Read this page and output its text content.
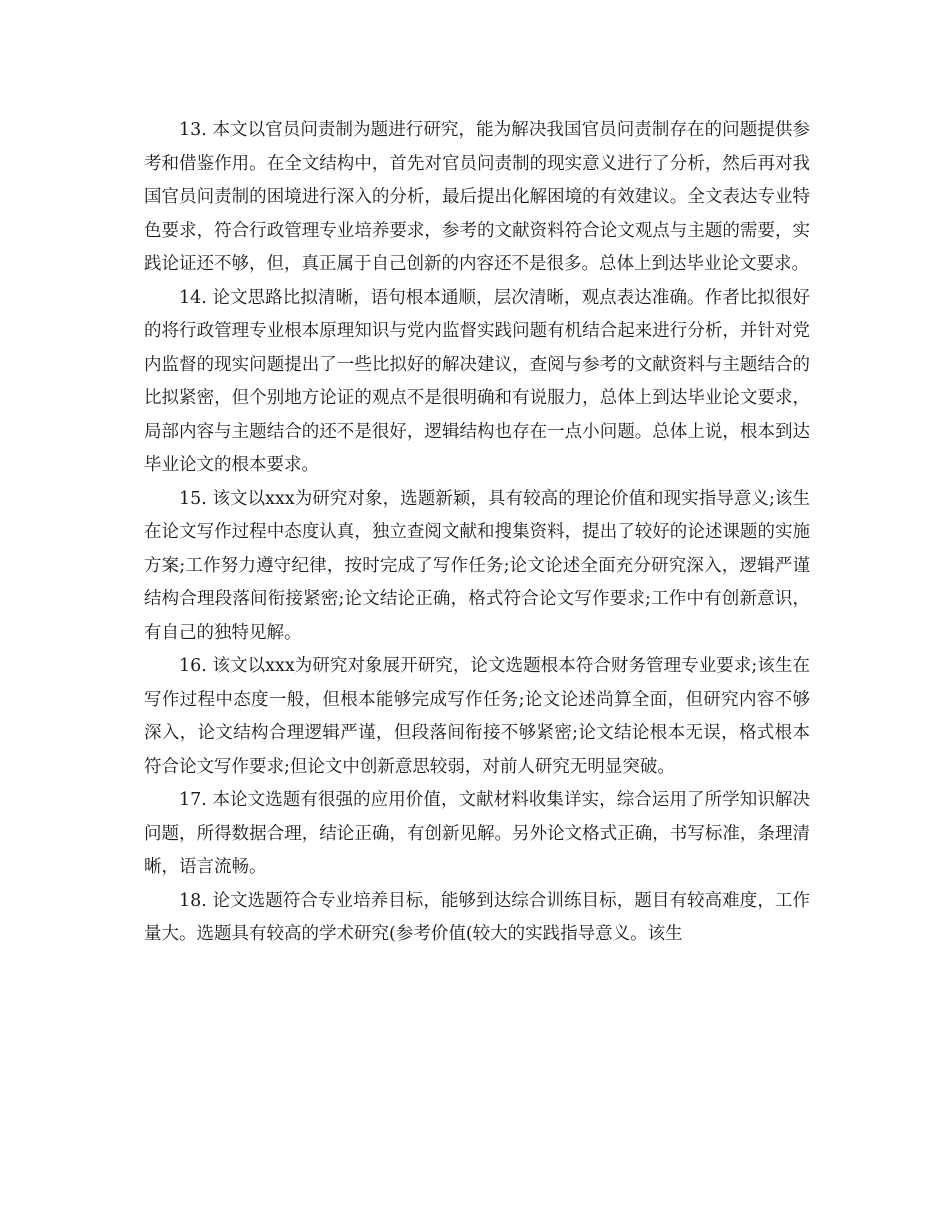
13. 本文以官员问责制为题进行研究，能为解决我国官员问责制存在的问题提供参考和借鉴作用。在全文结构中，首先对官员问责制的现实意义进行了分析，然后再对我国官员问责制的困境进行深入的分析，最后提出化解困境的有效建议。全文表达专业特色要求，符合行政管理专业培养要求，参考的文献资料符合论文观点与主题的需要，实践论证还不够，但，真正属于自己创新的内容还不是很多。总体上到达毕业论文要求。

14. 论文思路比拟清晰，语句根本通顺，层次清晰，观点表达准确。作者比拟很好的将行政管理专业根本原理知识与党内监督实践问题有机结合起来进行分析，并针对党内监督的现实问题提出了一些比拟好的解决建议，查阅与参考的文献资料与主题结合的比拟紧密，但个别地方论证的观点不是很明确和有说服力，总体上到达毕业论文要求，局部内容与主题结合的还不是很好，逻辑结构也存在一点小问题。总体上说，根本到达毕业论文的根本要求。

15. 该文以xxx为研究对象，选题新颖，具有较高的理论价值和现实指导意义;该生在论文写作过程中态度认真，独立查阅文献和搜集资料，提出了较好的论述课题的实施方案;工作努力遵守纪律，按时完成了写作任务;论文论述全面充分研究深入，逻辑严谨结构合理段落间衔接紧密;论文结论正确，格式符合论文写作要求;工作中有创新意识，有自己的独特见解。

16. 该文以xxx为研究对象展开研究，论文选题根本符合财务管理专业要求;该生在写作过程中态度一般，但根本能够完成写作任务;论文论述尚算全面，但研究内容不够深入，论文结构合理逻辑严谨，但段落间衔接不够紧密;论文结论根本无误，格式根本符合论文写作要求;但论文中创新意思较弱，对前人研究无明显突破。

17. 本论文选题有很强的应用价值，文献材料收集详实，综合运用了所学知识解决问题，所得数据合理，结论正确，有创新见解。另外论文格式正确，书写标准，条理清晰，语言流畅。

18. 论文选题符合专业培养目标，能够到达综合训练目标，题目有较高难度，工作量大。选题具有较高的学术研究(参考价值(较大的实践指导意义。该生
